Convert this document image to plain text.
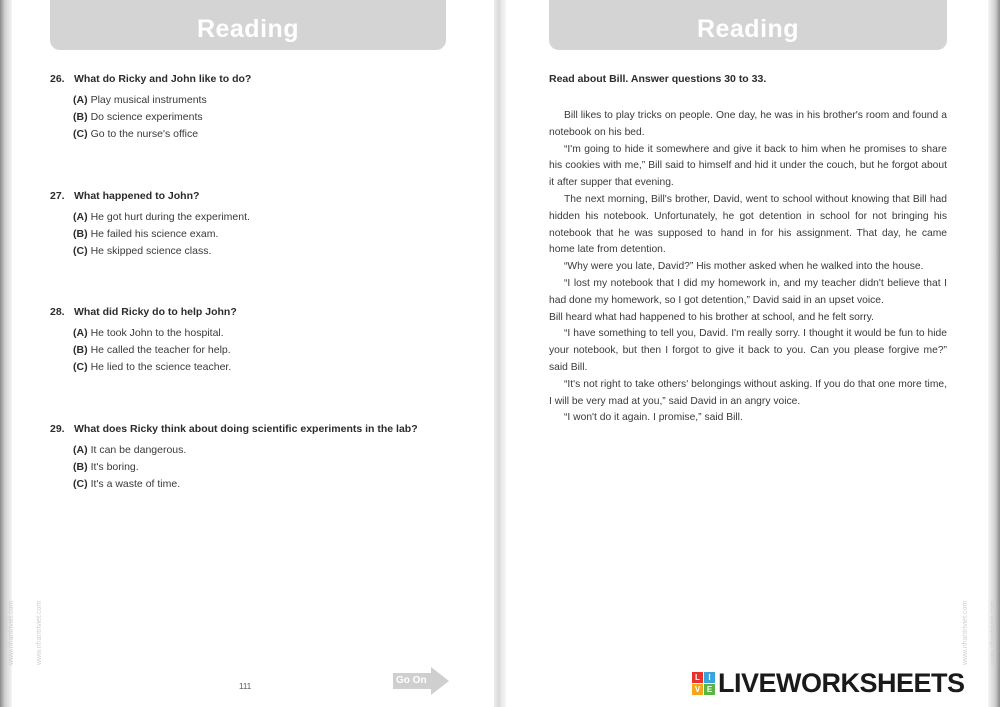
Reading	Reading
26. What do Ricky and John like to do?
(A) Play musical instruments
(B) Do science experiments
(C) Go to the nurse's office
27. What happened to John?
(A) He got hurt during the experiment.
(B) He failed his science exam.
(C) He skipped science class.
28. What did Ricky do to help John?
(A) He took John to the hospital.
(B) He called the teacher for help.
(C) He lied to the science teacher.
29. What does Ricky think about doing scientific experiments in the lab?
(A) It can be dangerous.
(B) It's boring.
(C) It's a waste of time.
111
Go On
Read about Bill. Answer questions 30 to 33.

Bill likes to play tricks on people. One day, he was in his brother's room and found a notebook on his bed.

“I'm going to hide it somewhere and give it back to him when he promises to share his cookies with me,” Bill said to himself and hid it under the couch, but he forgot about it after supper that evening.

The next morning, Bill's brother, David, went to school without knowing that Bill had hidden his notebook. Unfortunately, he got detention in school for not bringing his notebook that he was supposed to hand in for his assignment. That day, he came home late from detention.

“Why were you late, David?” His mother asked when he walked into the house.

“I lost my notebook that I did my homework in, and my teacher didn't believe that I had done my homework, so I got detention,” David said in an upset voice.

Bill heard what had happened to his brother at school, and he felt sorry.

“I have something to tell you, David. I'm really sorry. I thought it would be fun to hide your notebook, but then I forgot to give it back to you. Can you please forgive me?” said Bill.

“It's not right to take others' belongings without asking. If you do that one more time, I will be very mad at you,” said David in an angry voice.

“I won't do it again. I promise,” said Bill.

www.nhantriviet.com	www.nhantriviet.com	www.nhantriviet.com	www.nhantriviet.com
L	I
V E LIVEWORKSHEETS
